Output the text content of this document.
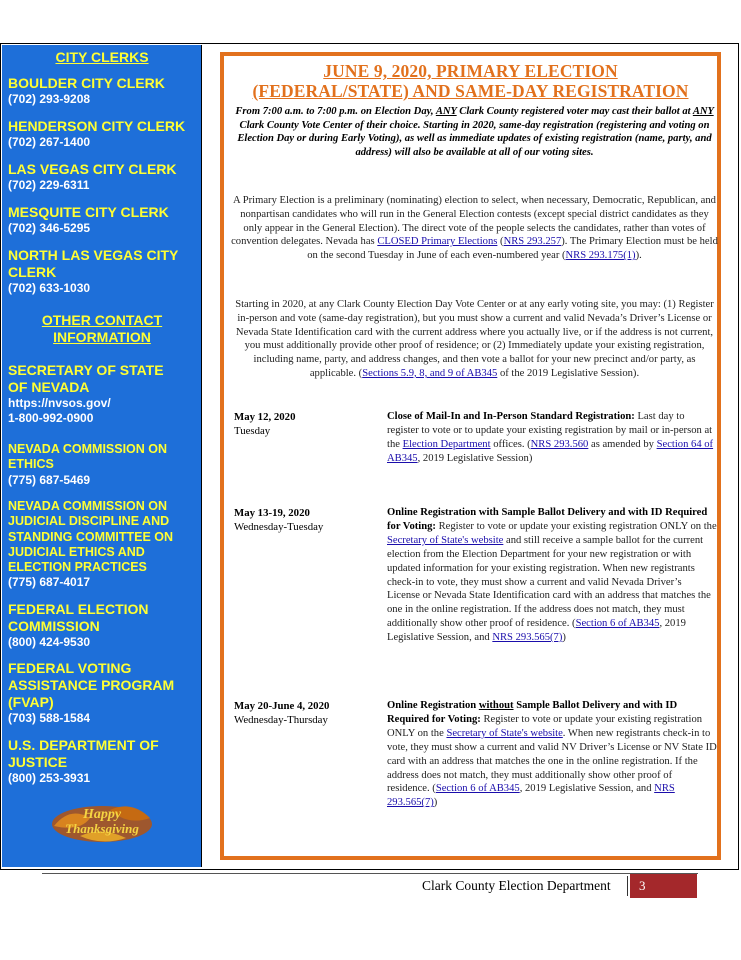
CITY CLERKS
BOULDER CITY CLERK
(702) 293-9208
HENDERSON CITY CLERK
(702) 267-1400
LAS VEGAS CITY CLERK
(702) 229-6311
MESQUITE CITY CLERK
(702) 346-5295
NORTH LAS VEGAS CITY
CLERK
(702) 633-1030
OTHER CONTACT
INFORMATION
SECRETARY OF STATE
OF NEVADA
https://nvsos.gov/
1-800-992-0900
NEVADA COMMISSION ON
ETHICS
(775) 687-5469
NEVADA COMMISSION ON
JUDICIAL DISCIPLINE AND
STANDING COMMITTEE ON
JUDICIAL ETHICS AND
ELECTION PRACTICES
(775) 687-4017
FEDERAL ELECTION
COMMISSION
(800) 424-9530
FEDERAL VOTING
ASSISTANCE PROGRAM
(FVAP)
(703) 588-1584
U.S. DEPARTMENT OF
JUSTICE
(800) 253-3931
Happy
Thanksgiving
JUNE 9, 2020, PRIMARY ELECTION
(FEDERAL/STATE) AND SAME-DAY REGISTRATION
From 7:00 a.m. to 7:00 p.m. on Election Day, ANY Clark County registered voter may cast their ballot at ANY Clark County Vote Center of their choice. Starting in 2020, same-day registration (registering and voting on Election Day or during Early Voting), as well as immediate updates of existing registration (name, party, and address) will also be available at all of our voting sites.
A Primary Election is a preliminary (nominating) election to select, when necessary, Democratic, Republican, and nonpartisan candidates who will run in the General Election contests (except special district candidates as they only appear in the General Election). The direct vote of the people selects the candidates, rather than votes of convention delegates. Nevada has CLOSED Primary Elections (NRS 293.257). The Primary Election must be held on the second Tuesday in June of each even-numbered year (NRS 293.175(1)).
Starting in 2020, at any Clark County Election Day Vote Center or at any early voting site, you may: (1) Register in-person and vote (same-day registration), but you must show a current and valid Nevada’s Driver’s License or Nevada State Identification card with the current address where you actually live, or if the address is not current, you must additionally provide other proof of residence; or (2) Immediately update your existing registration, including name, party, and address changes, and then vote a ballot for your new precinct and/or party, as applicable. (Sections 5.9, 8, and 9 of AB345 of the 2019 Legislative Session).
May 12, 2020
Tuesday
Close of Mail-In and In-Person Standard Registration: Last day to register to vote or to update your existing registration by mail or in-person at the Election Department offices. (NRS 293.560 as amended by Section 64 of AB345, 2019 Legislative Session)
May 13-19, 2020
Wednesday-Tuesday
Online Registration with Sample Ballot Delivery and with ID Required for Voting: Register to vote or update your existing registration ONLY on the Secretary of State's website and still receive a sample ballot for the current election from the Election Department for your new registration or with updated information for your existing registration. When new registrants check-in to vote, they must show a current and valid Nevada Driver’s License or Nevada State Identification card with an address that matches the one in the online registration. If the address does not match, they must additionally show other proof of residence. (Section 6 of AB345, 2019 Legislative Session, and NRS 293.565(7))
May 20-June 4, 2020
Wednesday-Thursday
Online Registration without Sample Ballot Delivery and with ID Required for Voting: Register to vote or update your existing registration ONLY on the Secretary of State's website. When new registrants check-in to vote, they must show a current and valid NV Driver’s License or NV State ID card with an address that matches the one in the online registration. If the address does not match, they must additionally show other proof of residence. (Section 6 of AB345, 2019 Legislative Session, and NRS 293.565(7))
Clark County Election Department	3
